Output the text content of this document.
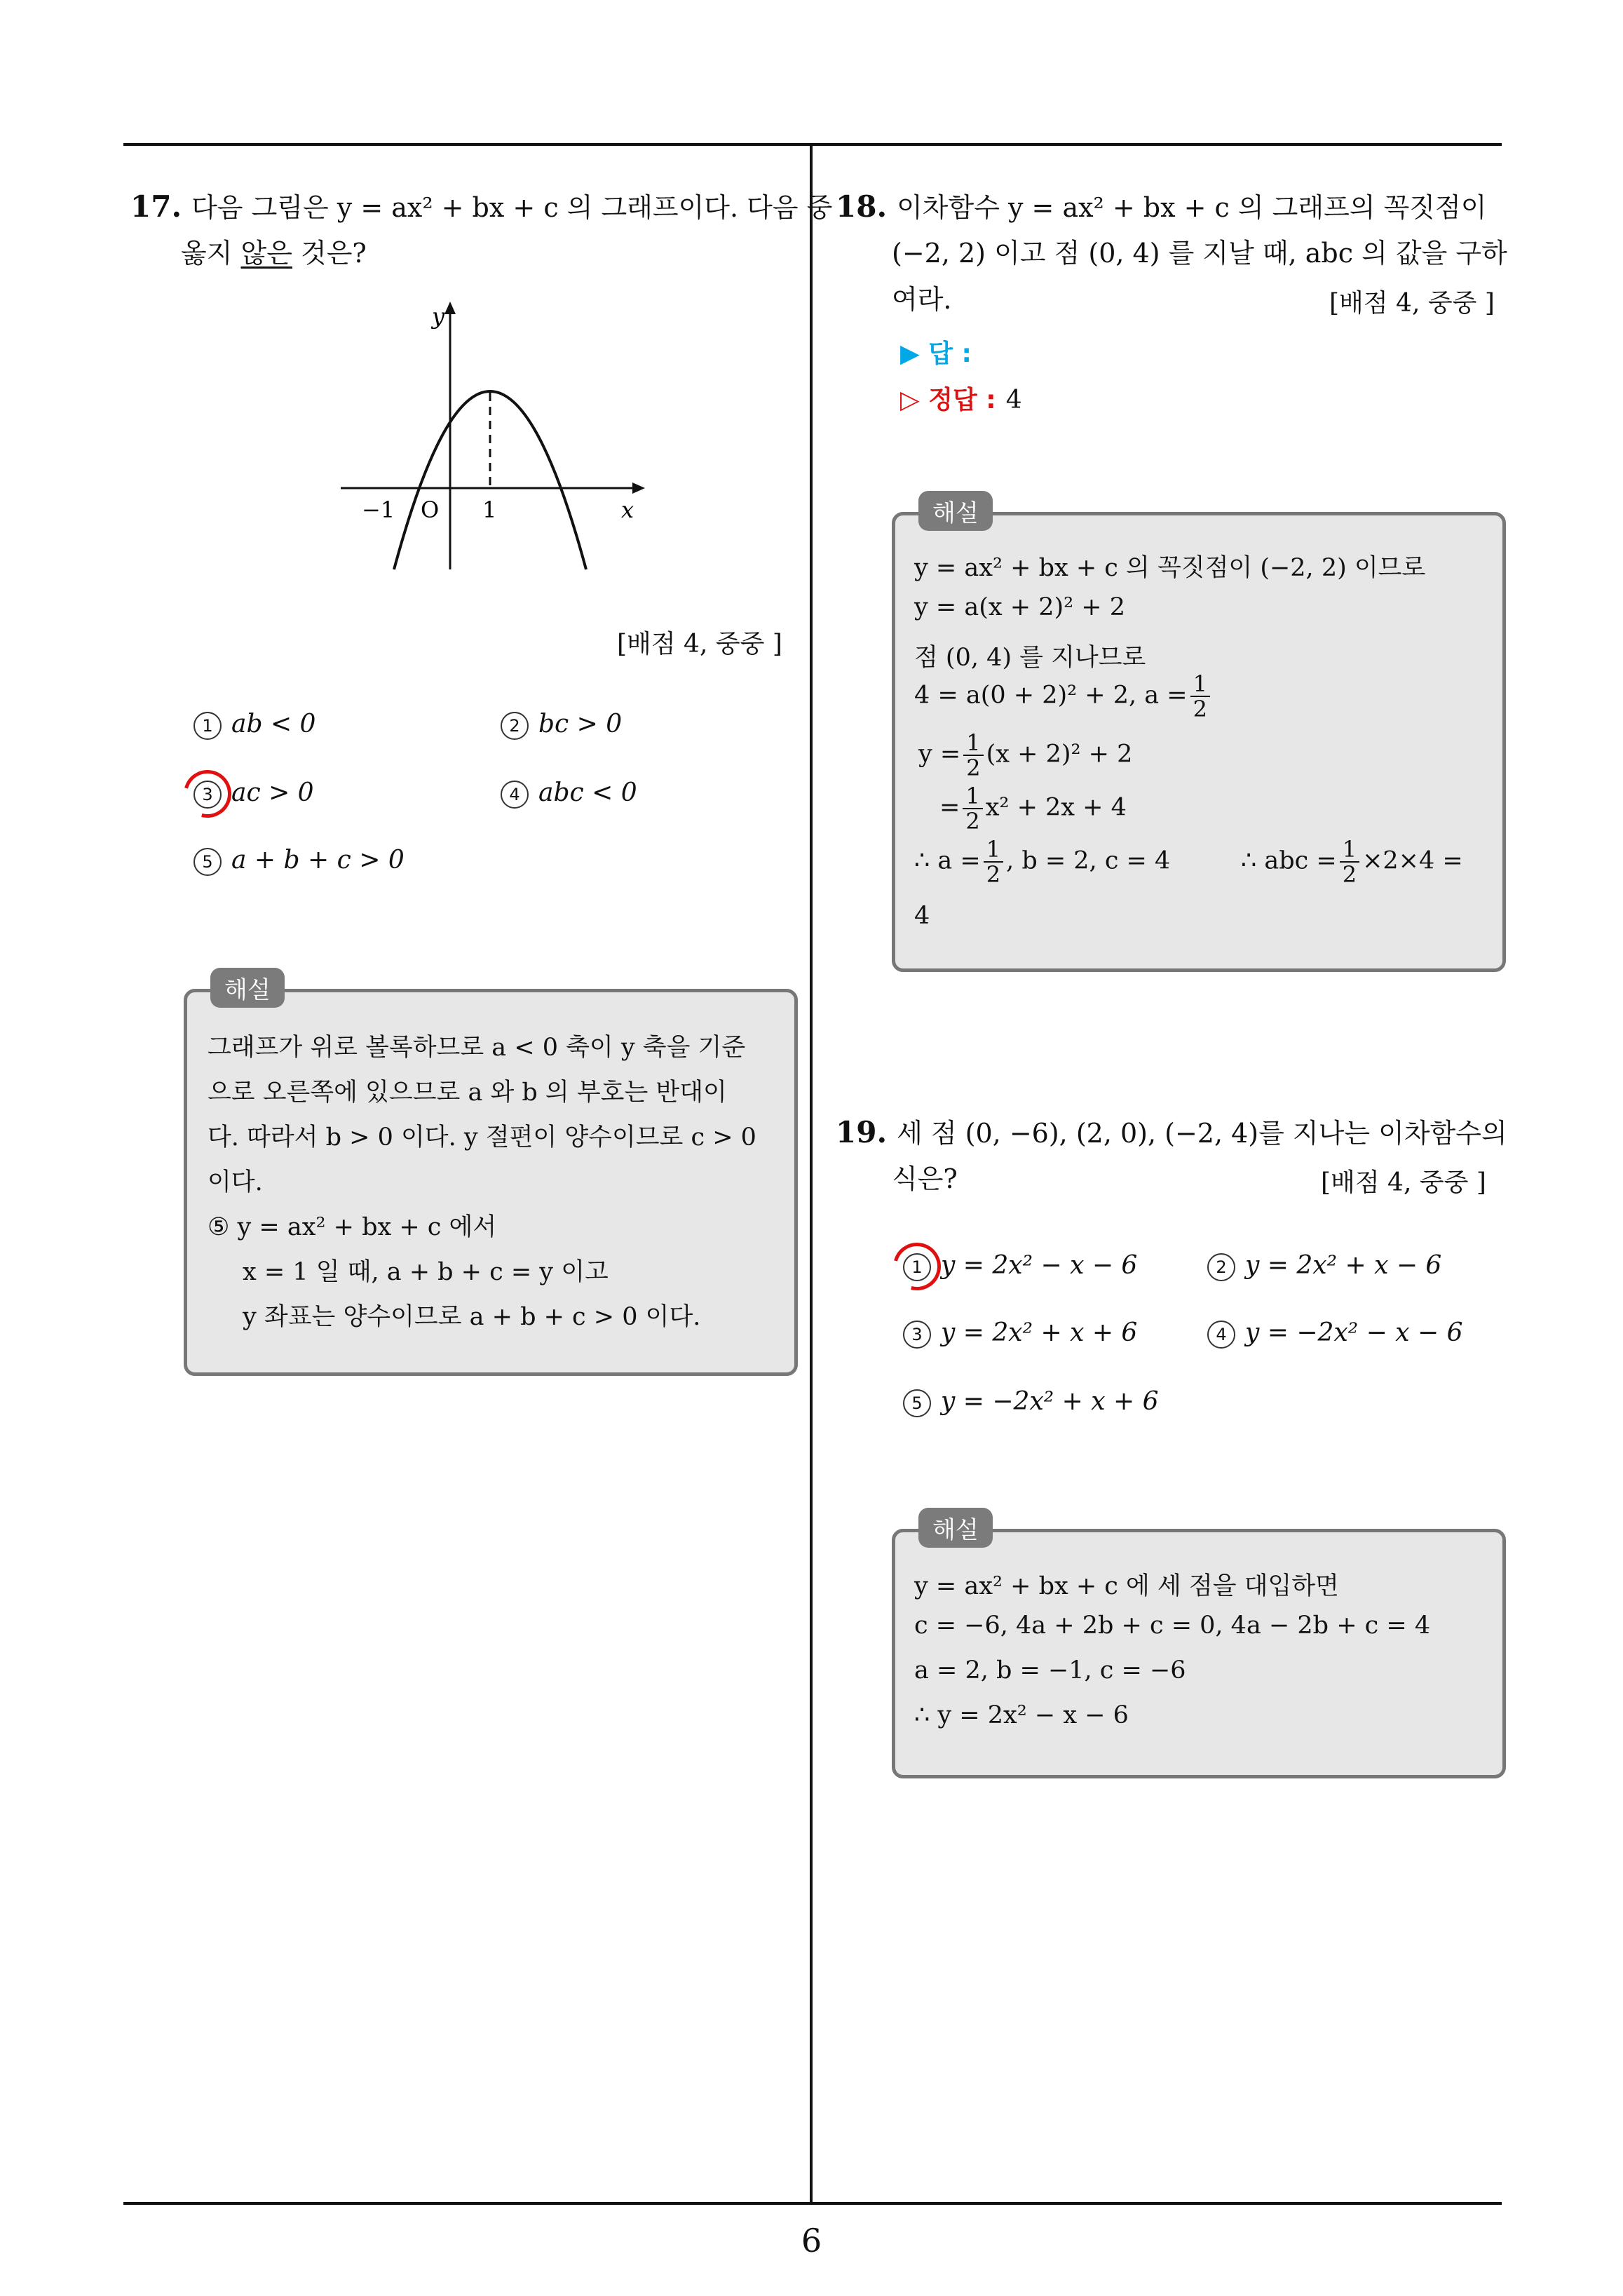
6
17. 다음 그림은 y = ax² + bx + c 의 그래프이다. 다음 중
옳지 않은 것은?
y
x
−1 O 1
[배점 4, 중중 ]
1 ab < 0	2 bc > 0
3 ac > 0	4 abc < 0
5 a + b + c > 0
해설
그래프가 위로 볼록하므로 a < 0 축이 y 축을 기준
으로 오른쪽에 있으므로 a 와 b 의 부호는 반대이
다. 따라서 b > 0 이다. y 절편이 양수이므로 c > 0
이다.
⑤ y = ax² + bx + c 에서
x = 1 일 때, a + b + c = y 이고
y 좌표는 양수이므로 a + b + c > 0 이다.
18. 이차함수 y = ax² + bx + c 의 그래프의 꼭짓점이
(−2, 2) 이고 점 (0, 4) 를 지날 때, abc 의 값을 구하
여라.	[배점 4, 중중 ]
▶ 답 :
▷ 정답 : 4
해설
y = ax² + bx + c 의 꼭짓점이 (−2, 2) 이므로
y = a(x + 2)² + 2
점 (0, 4) 를 지나므로
4 = a(0 + 2)² + 2, $a = \frac{1}{2}$
$y = \frac{1}{2} (x + 2)^2 + 2$
= $\frac{1}{2} x^2 + 2x + 4$
∴ $a = \frac{1}{2}$ , b = 2, c = 4	∴ abc = $\frac{1}{2} \times 2\times 4$ =
4
19. 세 점 (0, −6), (2, 0), (−2, 4)를 지나는 이차함수의
식은?	[배점 4, 중중 ]
1 y = 2x² − x − 6	2 y = 2x² + x − 6
3 y = 2x² + x + 6	4 y = −2x² − x − 6
5 y = −2x² + x + 6
해설
y = ax² + bx + c 에 세 점을 대입하면
c = −6, 4a + 2b + c = 0, 4a − 2b + c = 4
a = 2, b = −1, c = −6
∴ y = 2x² − x − 6
